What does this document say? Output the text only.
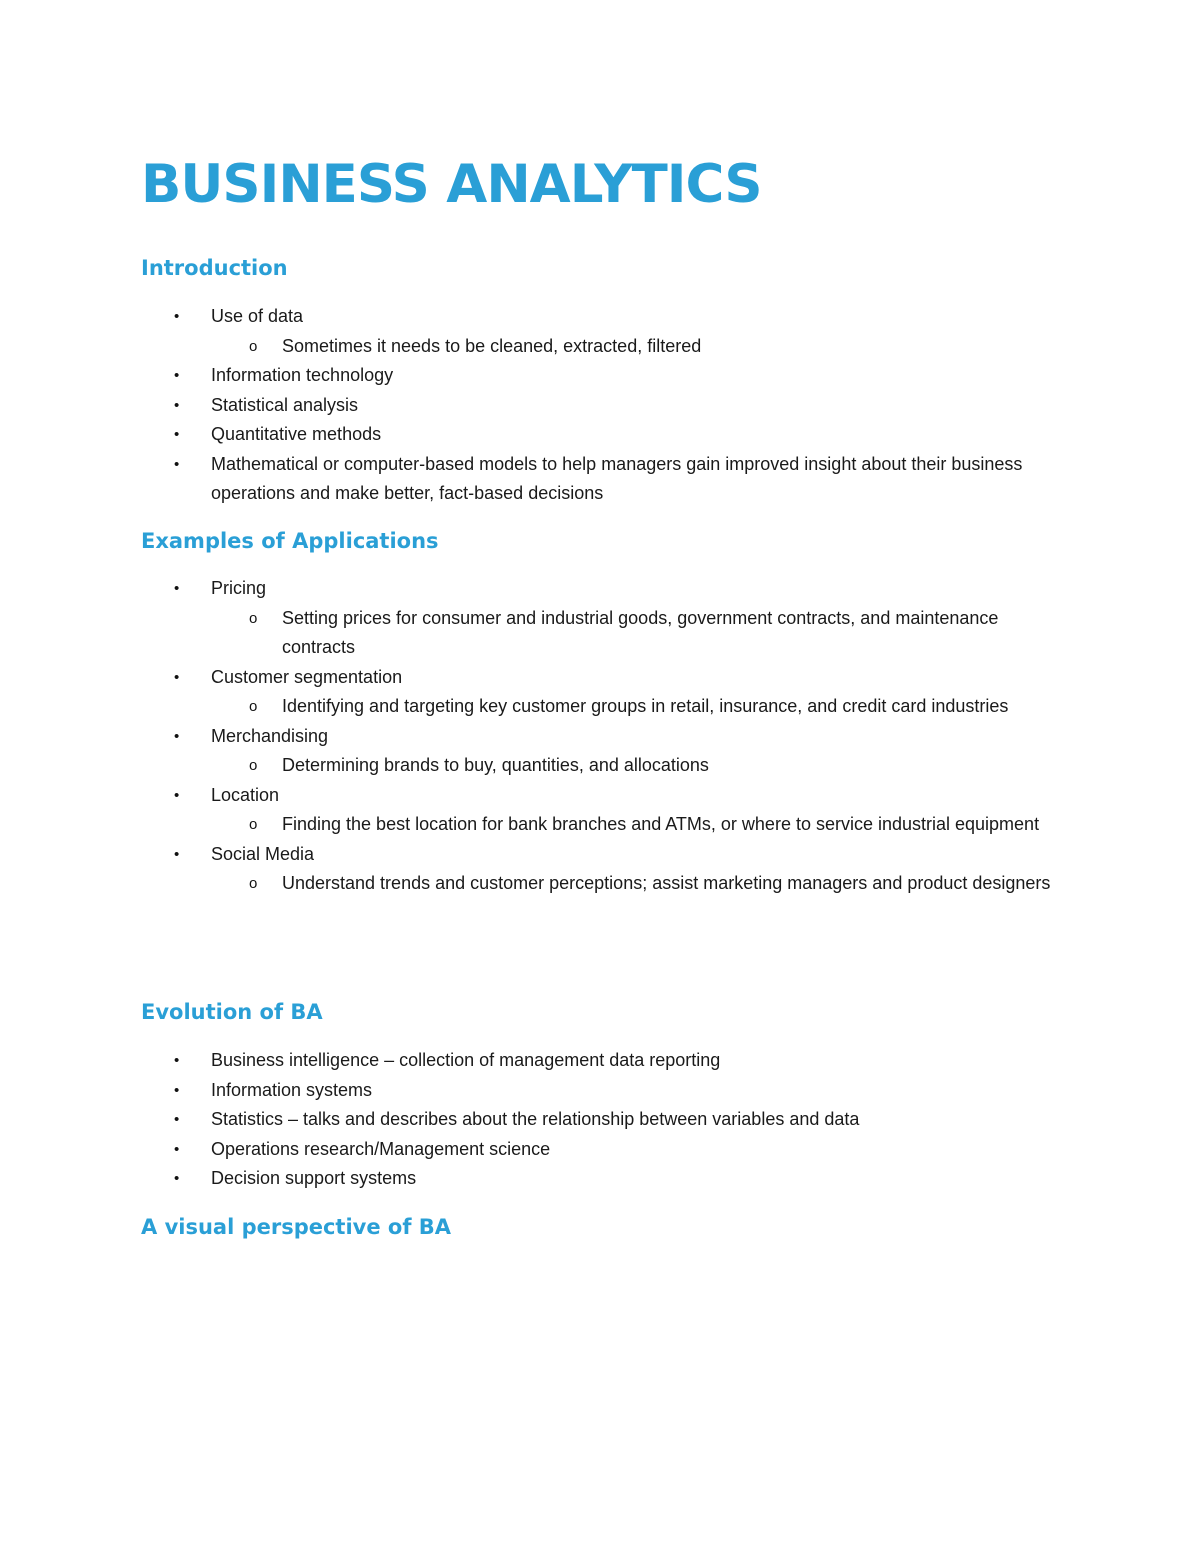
BUSINESS ANALYTICS
Introduction
• Use of data
o Sometimes it needs to be cleaned, extracted, filtered
• Information technology
• Statistical analysis
• Quantitative methods
• Mathematical or computer-based models to help managers gain improved insight about their business operations and make better, fact-based decisions
Examples of Applications
• Pricing
o Setting prices for consumer and industrial goods, government contracts, and maintenance contracts
• Customer segmentation
o Identifying and targeting key customer groups in retail, insurance, and credit card industries
• Merchandising
o Determining brands to buy, quantities, and allocations
• Location
o Finding the best location for bank branches and ATMs, or where to service industrial equipment
• Social Media
o Understand trends and customer perceptions; assist marketing managers and product designers
Evolution of BA
• Business intelligence – collection of management data reporting
• Information systems
• Statistics – talks and describes about the relationship between variables and data
• Operations research/Management science
• Decision support systems
A visual perspective of BA
